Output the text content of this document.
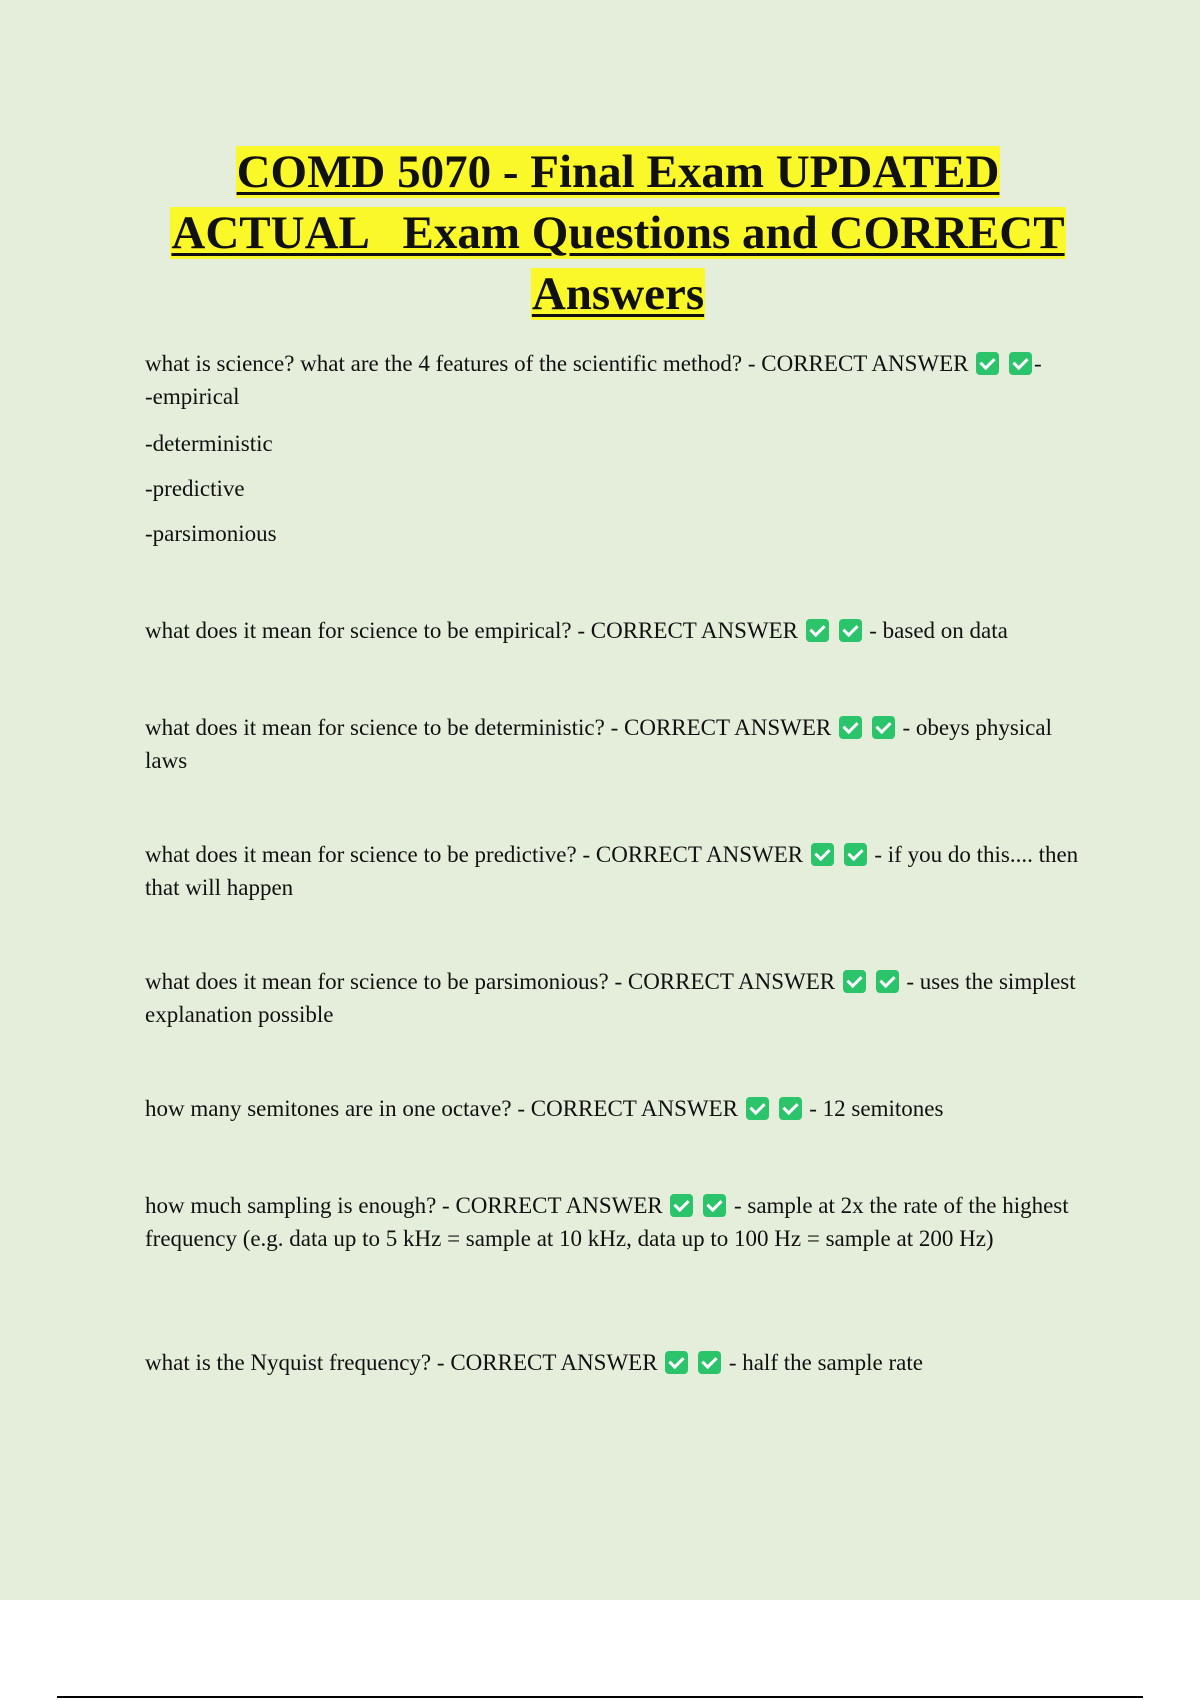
COMD 5070 - Final Exam UPDATED
ACTUAL   Exam Questions and CORRECT
Answers

what is science? what are the 4 features of the scientific method? - CORRECT ANSWER	-
-empirical

-deterministic
-predictive
-parsimonious

what does it mean for science to be empirical? - CORRECT ANSWER	- based on data

what does it mean for science to be deterministic? - CORRECT ANSWER	- obeys physical laws

what does it mean for science to be predictive? - CORRECT ANSWER	- if you do this.... then that will happen

what does it mean for science to be parsimonious? - CORRECT ANSWER	- uses the simplest explanation possible

how many semitones are in one octave? - CORRECT ANSWER	- 12 semitones

how much sampling is enough? - CORRECT ANSWER	- sample at 2x the rate of the highest frequency (e.g. data up to 5 kHz = sample at 10 kHz, data up to 100 Hz = sample at 200 Hz)

what is the Nyquist frequency? - CORRECT ANSWER	- half the sample rate
